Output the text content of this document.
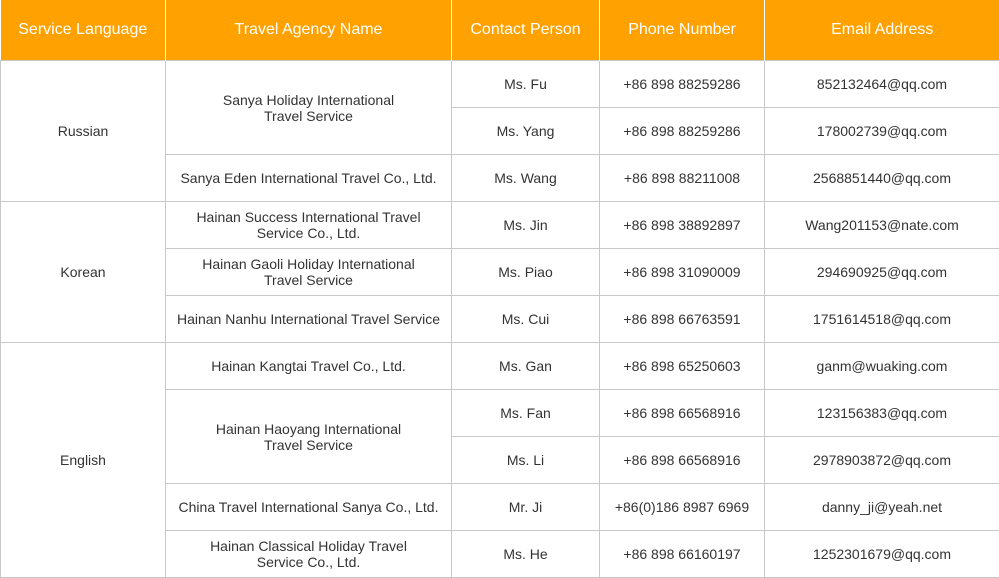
Service Language	Travel Agency Name	Contact Person	Phone Number	Email Address
Russian	Sanya Holiday International Travel Service	Ms. Fu	+86 898 88259286	852132464@qq.com
		Ms. Yang	+86 898 88259286	178002739@qq.com
	Sanya Eden International Travel Co., Ltd.	Ms. Wang	+86 898 88211008	2568851440@qq.com
Korean	Hainan Success International Travel Service Co., Ltd.	Ms. Jin	+86 898 38892897	Wang201153@nate.com
	Hainan Gaoli Holiday International Travel Service	Ms. Piao	+86 898 31090009	294690925@qq.com
	Hainan Nanhu International Travel Service	Ms. Cui	+86 898 66763591	1751614518@qq.com
English	Hainan Kangtai Travel Co., Ltd.	Ms. Gan	+86 898 65250603	ganm@wuaking.com
	Hainan Haoyang International Travel Service	Ms. Fan	+86 898 66568916	123156383@qq.com
		Ms. Li	+86 898 66568916	2978903872@qq.com
	China Travel International Sanya Co., Ltd.	Mr. Ji	+86(0)186 8987 6969	danny_ji@yeah.net
	Hainan Classical Holiday Travel Service Co., Ltd.	Ms. He	+86 898 66160197	1252301679@qq.com
